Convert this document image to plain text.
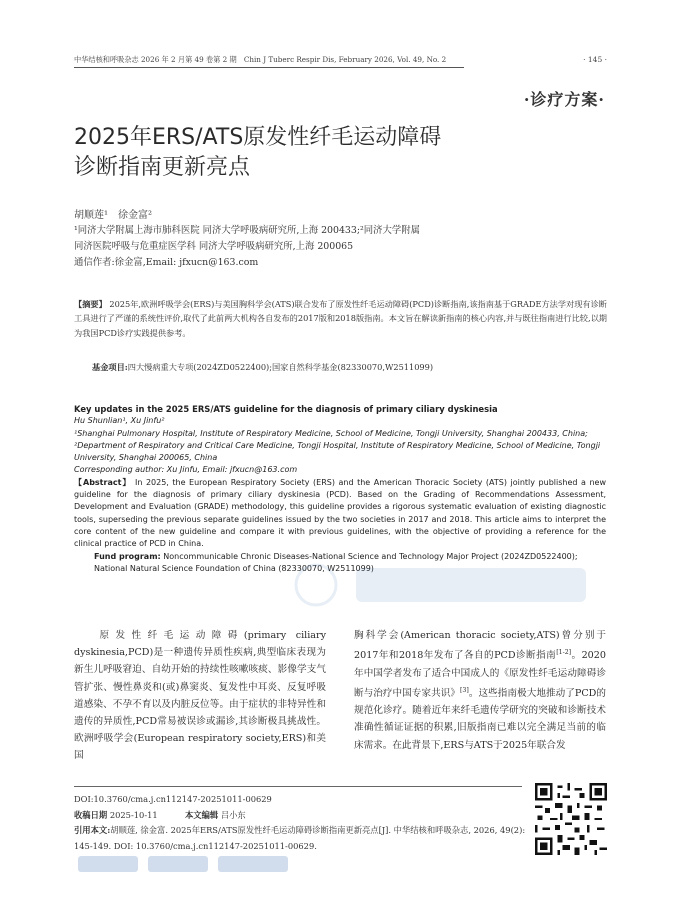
中华结核和呼吸杂志 2026 年 2 月第 49 卷第 2 期　Chin J Tuberc Respir Dis, February 2026, Vol. 49, No. 2	· 145 ·
·诊疗方案·
2025年ERS/ATS原发性纤毛运动障碍
诊断指南更新亮点
胡顺莲¹　徐金富²
¹同济大学附属上海市肺科医院 同济大学呼吸病研究所,上海 200433;²同济大学附属
同济医院呼吸与危重症医学科 同济大学呼吸病研究所,上海 200065
通信作者:徐金富,Email: jfxucn@163.com
【摘要】 2025年,欧洲呼吸学会(ERS)与美国胸科学会(ATS)联合发布了原发性纤毛运动障碍(PCD)诊断指南,该指南基于GRADE方法学对现有诊断工具进行了严谨的系统性评价,取代了此前两大机构各自发布的2017版和2018版指南。本文旨在解读新指南的核心内容,并与既往指南进行比较,以期为我国PCD诊疗实践提供参考。
基金项目:四大慢病重大专项(2024ZD0522400);国家自然科学基金(82330070,W2511099)
Key updates in the 2025 ERS/ATS guideline for the diagnosis of primary ciliary dyskinesia
Hu Shunlian¹, Xu Jinfu²
¹Shanghai Pulmonary Hospital, Institute of Respiratory Medicine, School of Medicine, Tongji University, Shanghai 200433, China; ²Department of Respiratory and Critical Care Medicine, Tongji Hospital, Institute of Respiratory Medicine, School of Medicine, Tongji University, Shanghai 200065, China
Corresponding author: Xu Jinfu, Email: jfxucn@163.com
【Abstract】 In 2025, the European Respiratory Society (ERS) and the American Thoracic Society (ATS) jointly published a new guideline for the diagnosis of primary ciliary dyskinesia (PCD). Based on the Grading of Recommendations Assessment, Development and Evaluation (GRADE) methodology, this guideline provides a rigorous systematic evaluation of existing diagnostic tools, superseding the previous separate guidelines issued by the two societies in 2017 and 2018. This article aims to interpret the core content of the new guideline and compare it with previous guidelines, with the objective of providing a reference for the clinical practice of PCD in China.
Fund program: Noncommunicable Chronic Diseases-National Science and Technology Major Project (2024ZD0522400); National Natural Science Foundation of China (82330070, W2511099)
原发性纤毛运动障碍(primary ciliary dyskinesia,PCD)是一种遗传异质性疾病,典型临床表现为新生儿呼吸窘迫、自幼开始的持续性咳嗽咳痰、影像学支气管扩张、慢性鼻炎和(或)鼻窦炎、复发性中耳炎、反复呼吸道感染、不孕不育以及内脏反位等。由于症状的非特异性和遗传的异质性,PCD常易被误诊或漏诊,其诊断极具挑战性。欧洲呼吸学会(European respiratory society,ERS)和美国
胸科学会(American thoracic society,ATS)曾分别于2017年和2018年发布了各自的PCD诊断指南[1-2]。2020年中国学者发布了适合中国成人的《原发性纤毛运动障碍诊断与治疗中国专家共识》[3]。这些指南极大地推动了PCD的规范化诊疗。随着近年来纤毛遗传学研究的突破和诊断技术准确性循证证据的积累,旧版指南已难以完全满足当前的临床需求。在此背景下,ERS与ATS于2025年联合发
DOI:10.3760/cma.j.cn112147-20251011-00629
收稿日期 2025-10-11	本文编辑 吕小东
引用本文:胡顺莲, 徐金富. 2025年ERS/ATS原发性纤毛运动障碍诊断指南更新亮点[J]. 中华结核和呼吸杂志, 2026, 49(2): 145-149. DOI: 10.3760/cma.j.cn112147-20251011-00629.
